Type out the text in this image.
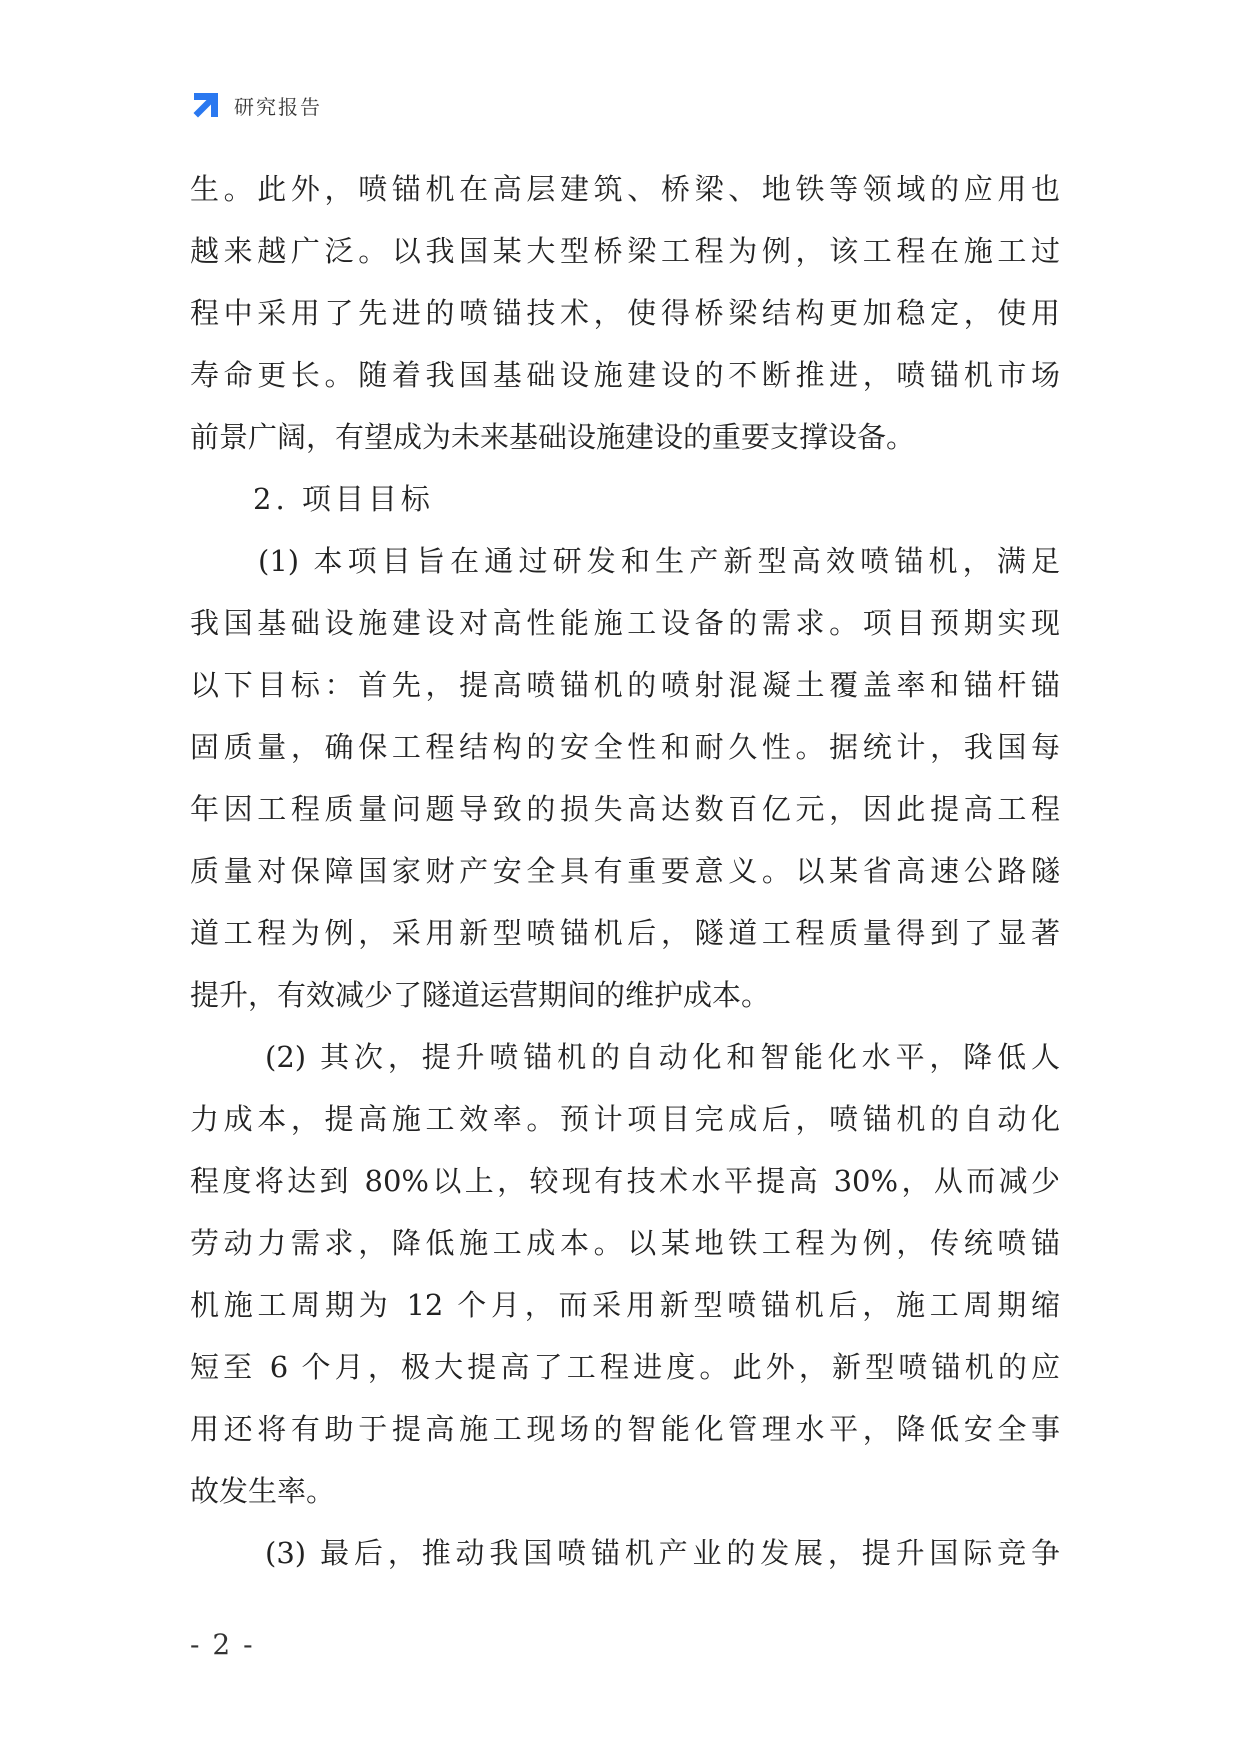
研究报告
生。此外，喷锚机在高层建筑、桥梁、地铁等领域的应用也
越来越广泛。以我国某大型桥梁工程为例，该工程在施工过
程中采用了先进的喷锚技术，使得桥梁结构更加稳定，使用
寿命更长。随着我国基础设施建设的不断推进，喷锚机市场
前景广阔，有望成为未来基础设施建设的重要支撑设备。
2. 项目目标
(1) 本项目旨在通过研发和生产新型高效喷锚机，满足
我国基础设施建设对高性能施工设备的需求。项目预期实现
以下目标：首先，提高喷锚机的喷射混凝土覆盖率和锚杆锚
固质量，确保工程结构的安全性和耐久性。据统计，我国每
年因工程质量问题导致的损失高达数百亿元，因此提高工程
质量对保障国家财产安全具有重要意义。以某省高速公路隧
道工程为例，采用新型喷锚机后，隧道工程质量得到了显著
提升，有效减少了隧道运营期间的维护成本。
(2) 其次，提升喷锚机的自动化和智能化水平，降低人
力成本，提高施工效率。预计项目完成后，喷锚机的自动化
程度将达到 80%以上，较现有技术水平提高 30%，从而减少
劳动力需求，降低施工成本。以某地铁工程为例，传统喷锚
机施工周期为 12 个月，而采用新型喷锚机后，施工周期缩
短至 6 个月，极大提高了工程进度。此外，新型喷锚机的应
用还将有助于提高施工现场的智能化管理水平，降低安全事
故发生率。
(3) 最后，推动我国喷锚机产业的发展，提升国际竞争
- 2 -
